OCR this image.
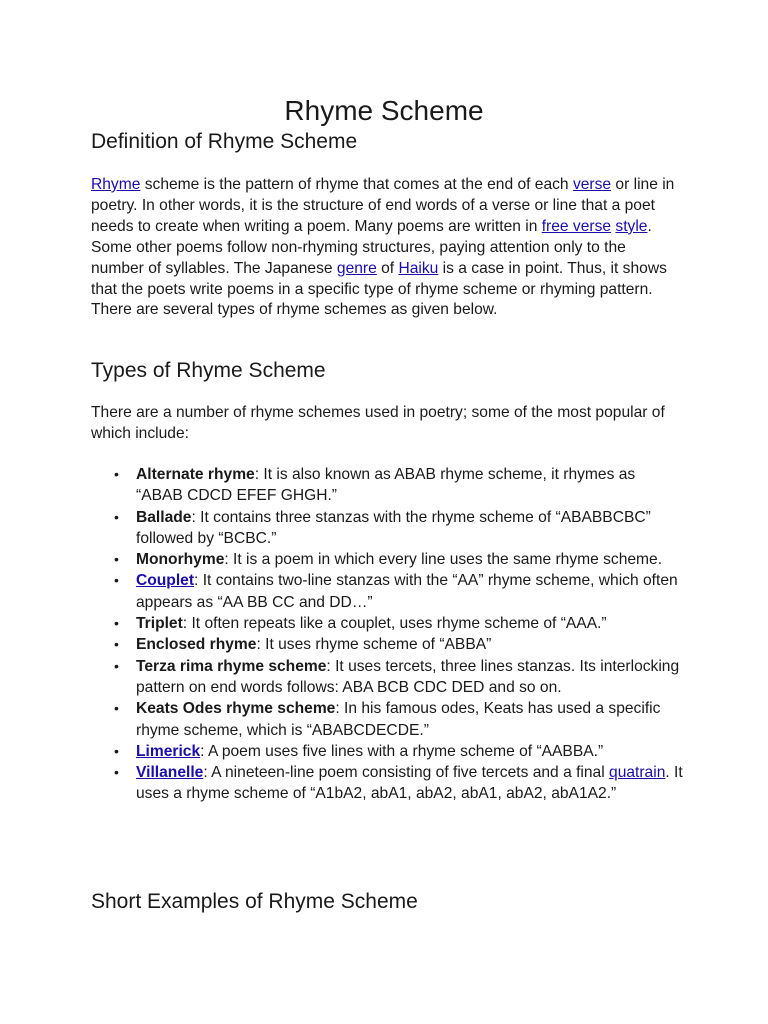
Rhyme Scheme
Definition of Rhyme Scheme

Rhyme scheme is the pattern of rhyme that comes at the end of each verse or line in poetry. In other words, it is the structure of end words of a verse or line that a poet needs to create when writing a poem. Many poems are written in free verse style. Some other poems follow non-rhyming structures, paying attention only to the number of syllables. The Japanese genre of Haiku is a case in point. Thus, it shows that the poets write poems in a specific type of rhyme scheme or rhyming pattern. There are several types of rhyme schemes as given below.

Types of Rhyme Scheme

There are a number of rhyme schemes used in poetry; some of the most popular of which include:

• Alternate rhyme: It is also known as ABAB rhyme scheme, it rhymes as “ABAB CDCD EFEF GHGH.”
• Ballade: It contains three stanzas with the rhyme scheme of “ABABBCBC” followed by “BCBC.”
• Monorhyme: It is a poem in which every line uses the same rhyme scheme.
• Couplet: It contains two-line stanzas with the “AA” rhyme scheme, which often appears as “AA BB CC and DD…”
• Triplet: It often repeats like a couplet, uses rhyme scheme of “AAA.”
• Enclosed rhyme: It uses rhyme scheme of “ABBA”
• Terza rima rhyme scheme: It uses tercets, three lines stanzas. Its interlocking pattern on end words follows: ABA BCB CDC DED and so on.
• Keats Odes rhyme scheme: In his famous odes, Keats has used a specific rhyme scheme, which is “ABABCDECDE.”
• Limerick: A poem uses five lines with a rhyme scheme of “AABBA.”
• Villanelle: A nineteen-line poem consisting of five tercets and a final quatrain. It uses a rhyme scheme of “A1bA2, abA1, abA2, abA1, abA2, abA1A2.”
Short Examples of Rhyme Scheme
